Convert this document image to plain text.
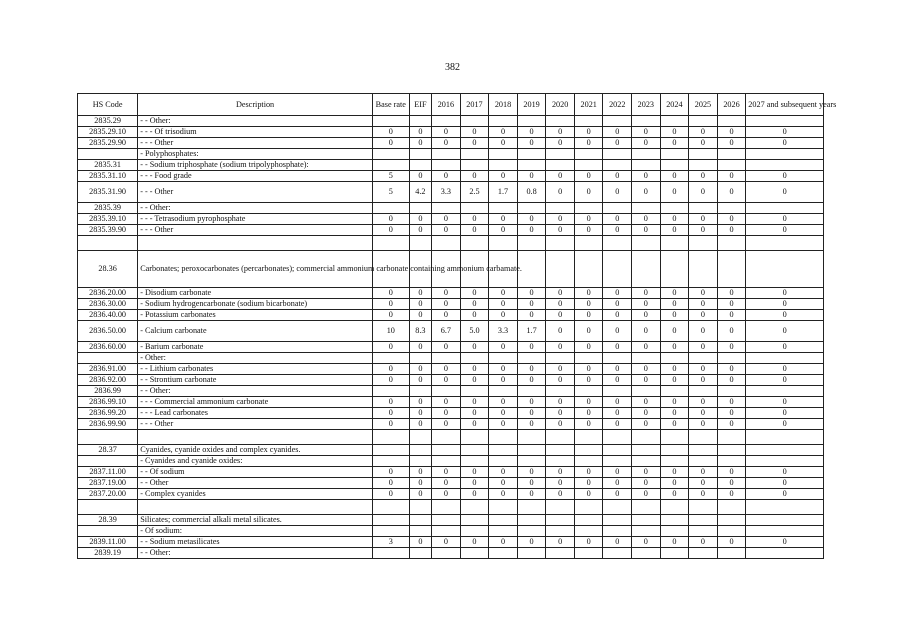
382
HS Code	Description	Base rate	EIF	2016	2017	2018	2019	2020	2021	2022	2023	2024	2025	2026	2027 and subsequent years
2835.29	- - Other:														
2835.29.10	- - - Of trisodium	0	0	0	0	0	0	0	0	0	0	0	0	0	0
2835.29.90	- - - Other	0	0	0	0	0	0	0	0	0	0	0	0	0	0
	- Polyphosphates:														
2835.31	- - Sodium triphosphate (sodium tripolyphosphate):														
2835.31.10	- - - Food grade	5	0	0	0	0	0	0	0	0	0	0	0	0	0
2835.31.90	- - - Other	5	4.2	3.3	2.5	1.7	0.8	0	0	0	0	0	0	0	0
2835.39	- - Other:														
2835.39.10	- - - Tetrasodium pyrophosphate	0	0	0	0	0	0	0	0	0	0	0	0	0	0
2835.39.90	- - - Other	0	0	0	0	0	0	0	0	0	0	0	0	0	0

28.36	Carbonates; peroxocarbonates (percarbonates); commercial ammonium carbonate containing ammonium carbamate.														
2836.20.00	- Disodium carbonate	0	0	0	0	0	0	0	0	0	0	0	0	0	0
2836.30.00	- Sodium hydrogencarbonate (sodium bicarbonate)	0	0	0	0	0	0	0	0	0	0	0	0	0	0
2836.40.00	- Potassium carbonates	0	0	0	0	0	0	0	0	0	0	0	0	0	0
2836.50.00	- Calcium carbonate	10	8.3	6.7	5.0	3.3	1.7	0	0	0	0	0	0	0	0
2836.60.00	- Barium carbonate	0	0	0	0	0	0	0	0	0	0	0	0	0	0
	- Other:														
2836.91.00	- - Lithium carbonates	0	0	0	0	0	0	0	0	0	0	0	0	0	0
2836.92.00	- - Strontium carbonate	0	0	0	0	0	0	0	0	0	0	0	0	0	0
2836.99	- - Other:														
2836.99.10	- - - Commercial ammonium carbonate	0	0	0	0	0	0	0	0	0	0	0	0	0	0
2836.99.20	- - - Lead carbonates	0	0	0	0	0	0	0	0	0	0	0	0	0	0
2836.99.90	- - - Other	0	0	0	0	0	0	0	0	0	0	0	0	0	0

28.37	Cyanides, cyanide oxides and complex cyanides.														
	- Cyanides and cyanide oxides:														
2837.11.00	- - Of sodium	0	0	0	0	0	0	0	0	0	0	0	0	0	0
2837.19.00	- - Other	0	0	0	0	0	0	0	0	0	0	0	0	0	0
2837.20.00	- Complex cyanides	0	0	0	0	0	0	0	0	0	0	0	0	0	0

28.39	Silicates; commercial alkali metal silicates.														
	- Of sodium:														
2839.11.00	- - Sodium metasilicates	3	0	0	0	0	0	0	0	0	0	0	0	0	0
2839.19	- - Other:														
